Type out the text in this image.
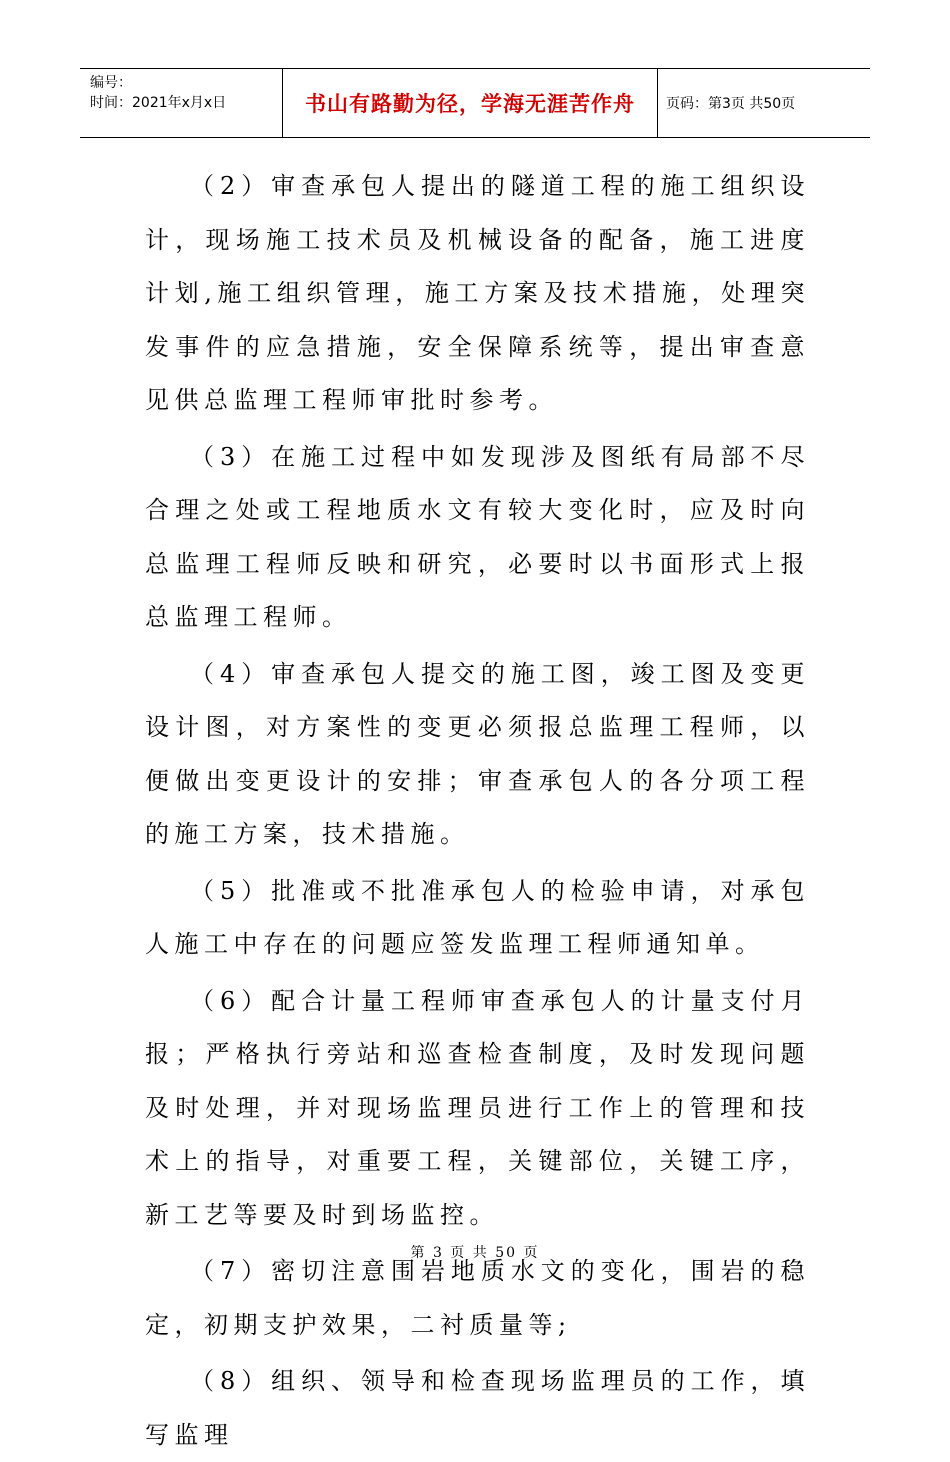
编号：
时间：2021年x月x日	书山有路勤为径，学海无涯苦作舟 页码：第3页 共50页

（2）审查承包人提出的隧道工程的施工组织设计，现场施工技术员及机械设备的配备，施工进度计划,施工组织管理，施工方案及技术措施，处理突发事件的应急措施，安全保障系统等，提出审查意见供总监理工程师审批时参考。

（3）在施工过程中如发现涉及图纸有局部不尽合理之处或工程地质水文有较大变化时，应及时向总监理工程师反映和研究，必要时以书面形式上报总监理工程师。

（4）审查承包人提交的施工图，竣工图及变更设计图，对方案性的变更必须报总监理工程师，以便做出变更设计的安排；审查承包人的各分项工程的施工方案，技术措施。

（5）批准或不批准承包人的检验申请，对承包人施工中存在的问题应签发监理工程师通知单。

（6）配合计量工程师审查承包人的计量支付月报；严格执行旁站和巡查检查制度，及时发现问题及时处理，并对现场监理员进行工作上的管理和技术上的指导，对重要工程，关键部位，关键工序，新工艺等要及时到场监控。

（7）密切注意围岩地质水文的变化，围岩的稳定，初期支护效果，二衬质量等;

（8）组织、领导和检查现场监理员的工作，填写监理

第 3 页 共 50 页
